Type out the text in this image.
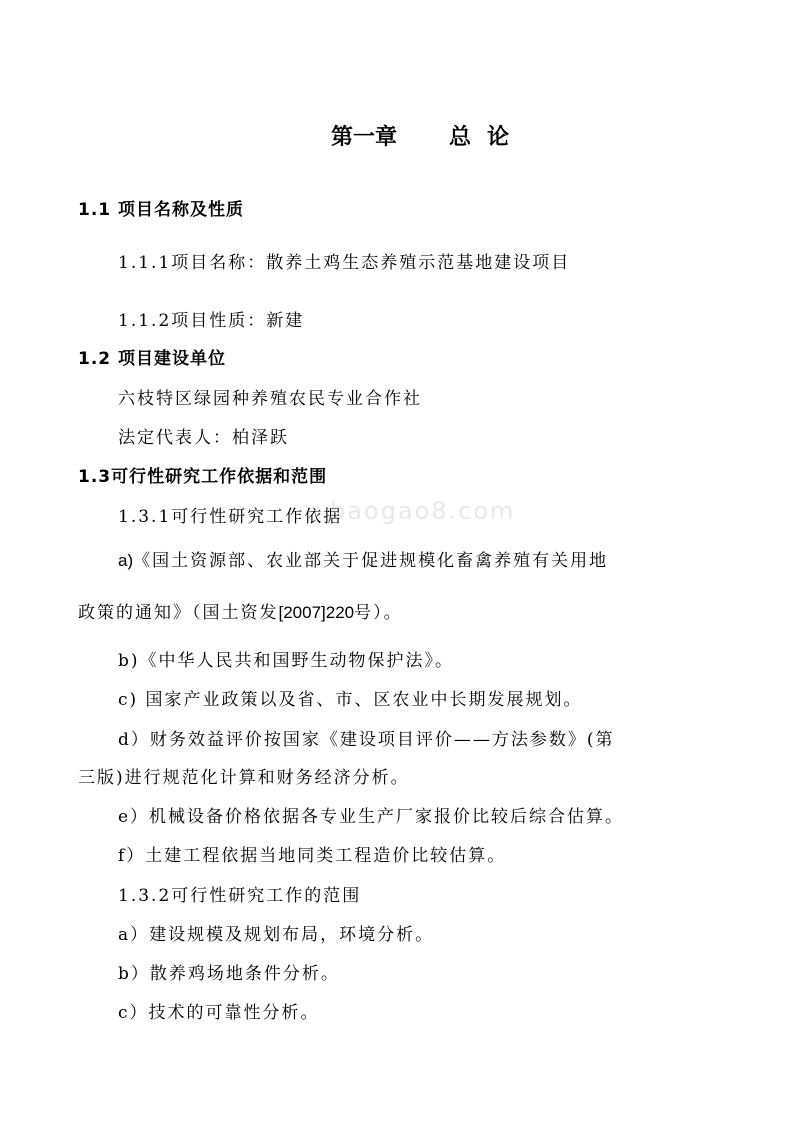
baogao8.com
第一章 总 论
1.1 项目名称及性质
1.1.1项目名称：散养土鸡生态养殖示范基地建设项目
1.1.2项目性质：新建
1.2 项目建设单位
六枝特区绿园种养殖农民专业合作社
法定代表人：柏泽跃
1.3可行性研究工作依据和范围
1.3.1可行性研究工作依据
a)《国土资源部、农业部关于促进规模化畜禽养殖有关用地
政策的通知》（国土资发[2007]220号）。
b)《中华人民共和国野生动物保护法》。
c) 国家产业政策以及省、市、区农业中长期发展规划。
d）财务效益评价按国家《建设项目评价——方法参数》(第
三版)进行规范化计算和财务经济分析。
e）机械设备价格依据各专业生产厂家报价比较后综合估算。
f）土建工程依据当地同类工程造价比较估算。
1.3.2可行性研究工作的范围
a）建设规模及规划布局，环境分析。
b）散养鸡场地条件分析。
c）技术的可靠性分析。
